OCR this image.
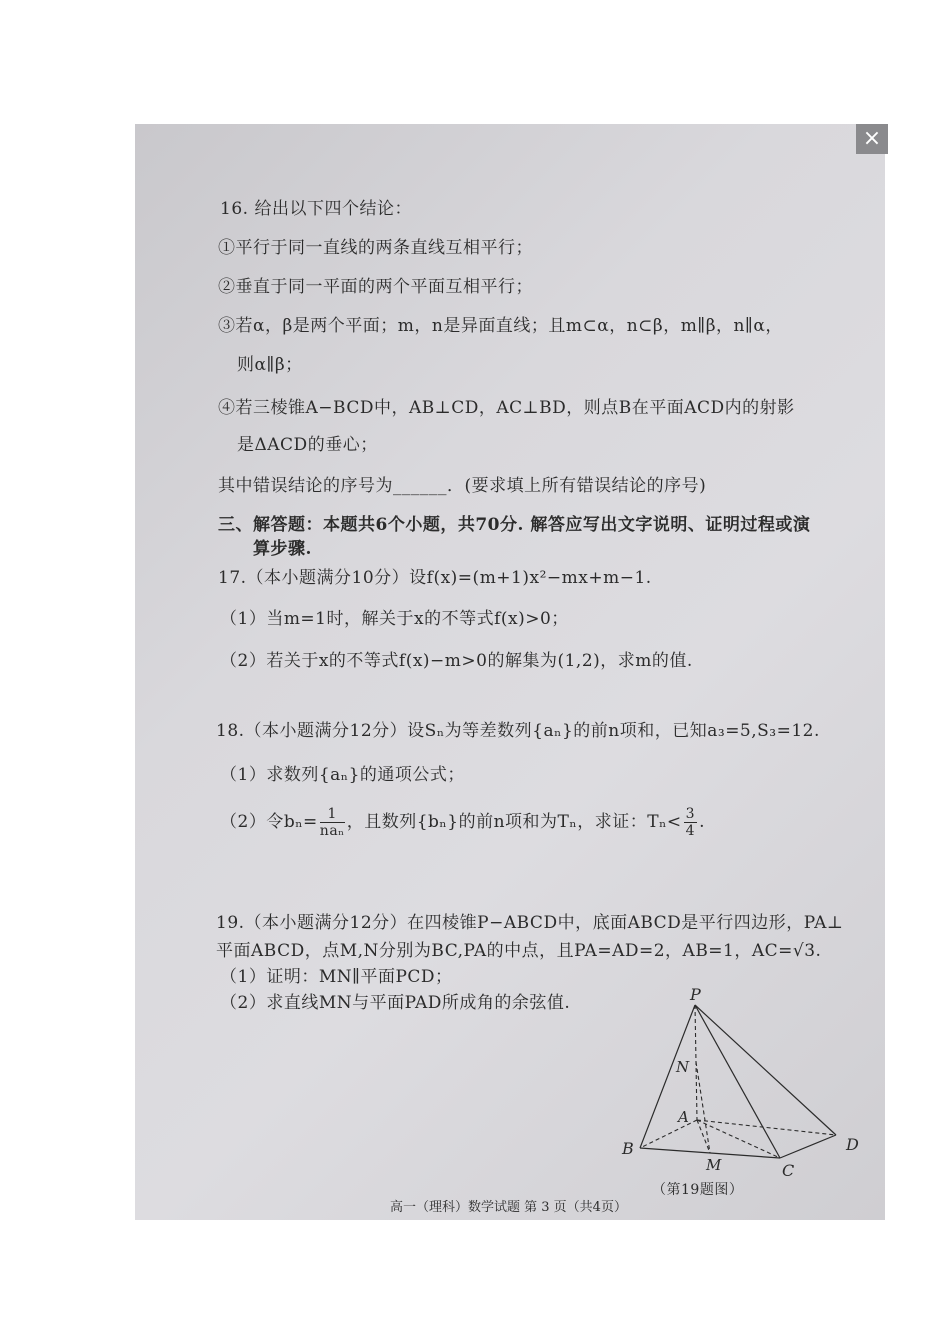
×
16. 给出以下四个结论：
①平行于同一直线的两条直线互相平行；
②垂直于同一平面的两个平面互相平行；
③若α，β是两个平面；m，n是异面直线；且m⊂α，n⊂β，m∥β，n∥α，
则α∥β；
④若三棱锥A−BCD中，AB⊥CD，AC⊥BD，则点B在平面ACD内的射影
是ΔACD的垂心；
其中错误结论的序号为______．(要求填上所有错误结论的序号)
三、解答题：本题共6个小题，共70分. 解答应写出文字说明、证明过程或演
算步骤.
17.（本小题满分10分）设f(x)=(m+1)x²−mx+m−1.
（1）当m=1时，解关于x的不等式f(x)>0；
（2）若关于x的不等式f(x)−m>0的解集为(1,2)，求m的值.
18.（本小题满分12分）设Sₙ为等差数列{aₙ}的前n项和，已知a₃=5,S₃=12.
（1）求数列{aₙ}的通项公式；
（2）令$b_n= \frac{1}{\text{naₙ}}$ ，且数列{bₙ}的前n项和为Tₙ，求证：$T_n< \frac{3}{4}$ .
19.（本小题满分12分）在四棱锥P−ABCD中，底面ABCD是平行四边形，PA⊥
平面ABCD，点M,N分别为BC,PA的中点，且PA=AD=2，AB=1，AC=√3.
（1）证明：MN∥平面PCD；
（2）求直线MN与平面PAD所成角的余弦值.	P
N
A
B
M	C
D
（第19题图）
高一（理科）数学试题 第 3 页（共4页）
